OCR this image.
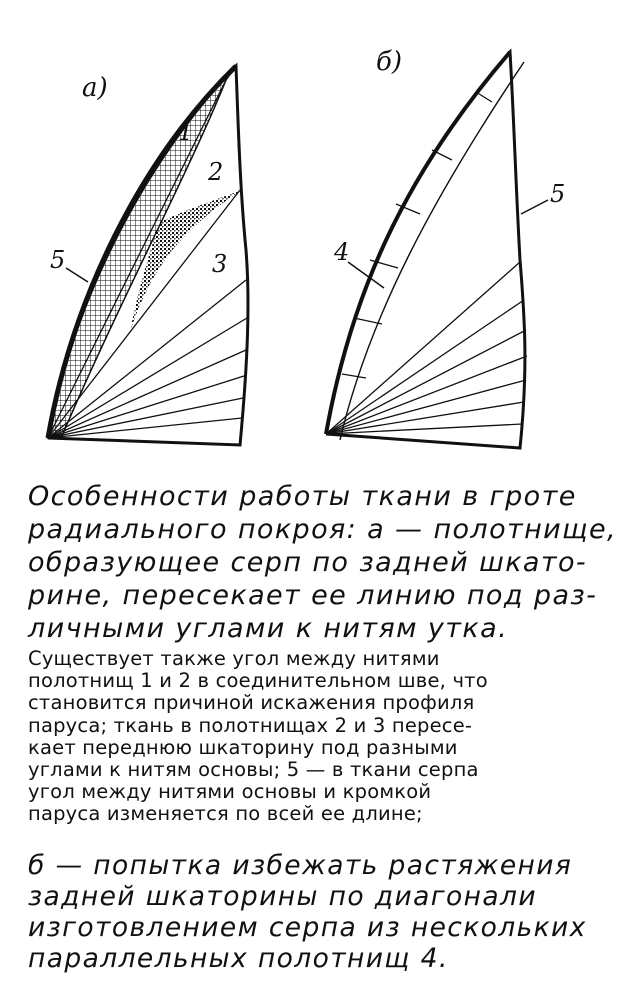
а)
1
2
3
5
б)
4
5
Особенности работы ткани в гроте
радиального покроя: а — полотнище,
образующее серп по задней шкато-
рине, пересекает ее линию под раз-
личными углами к нитям утка.
Существует также угол между нитями
полотнищ 1 и 2 в соединительном шве, что
становится причиной искажения профиля
паруса; ткань в полотнищах 2 и 3 пересе-
кает переднюю шкаторину под разными
углами к нитям основы; 5 — в ткани серпа
угол между нитями основы и кромкой
паруса изменяется по всей ее длине;
б — попытка избежать растяжения
задней шкаторины по диагонали
изготовлением серпа из нескольких
параллельных полотнищ 4.
